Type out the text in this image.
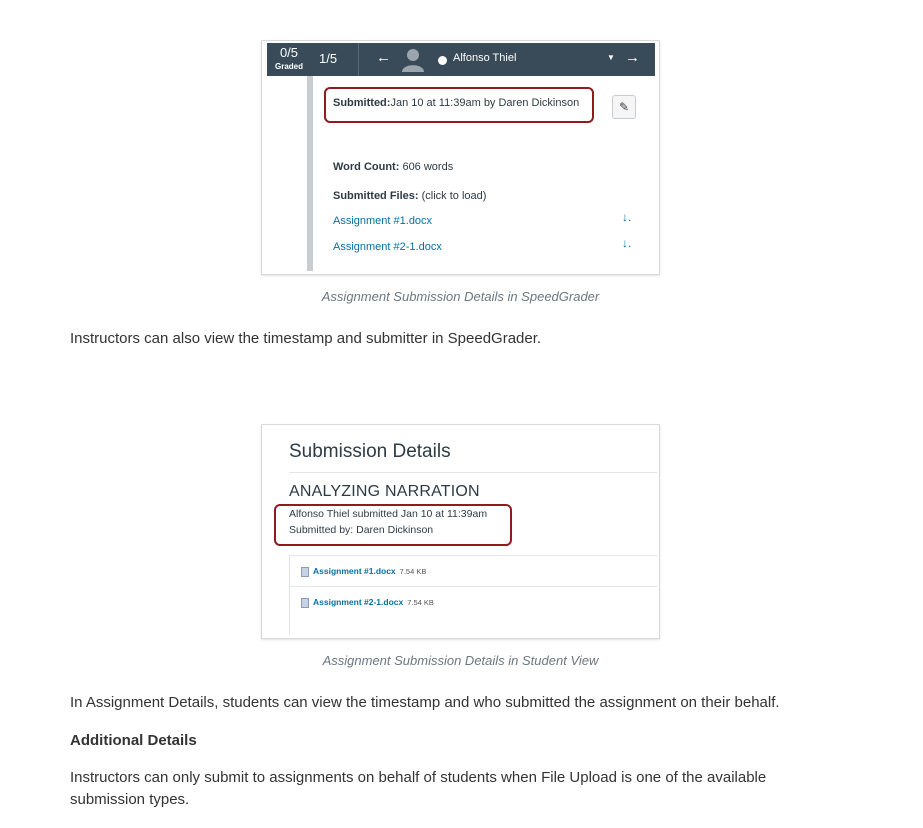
0/5
Graded
1/5	←	Alfonso Thiel	▼ →
Submitted:Jan 10 at 11:39am by Daren Dickinson	✎
Word Count: 606 words
Submitted Files: (click to load)
Assignment #1.docx	↓.
Assignment #2-1.docx	↓.
Assignment Submission Details in SpeedGrader
Instructors can also view the timestamp and submitter in SpeedGrader.
Submission Details
ANALYZING NARRATION
Alfonso Thiel submitted Jan 10 at 11:39am
Submitted by: Daren Dickinson
Assignment #1.docx 7.54 KB
Assignment #2-1.docx 7.54 KB
Assignment Submission Details in Student View
In Assignment Details, students can view the timestamp and who submitted the assignment on their behalf.
Additional Details
Instructors can only submit to assignments on behalf of students when File Upload is one of the available
submission types.
